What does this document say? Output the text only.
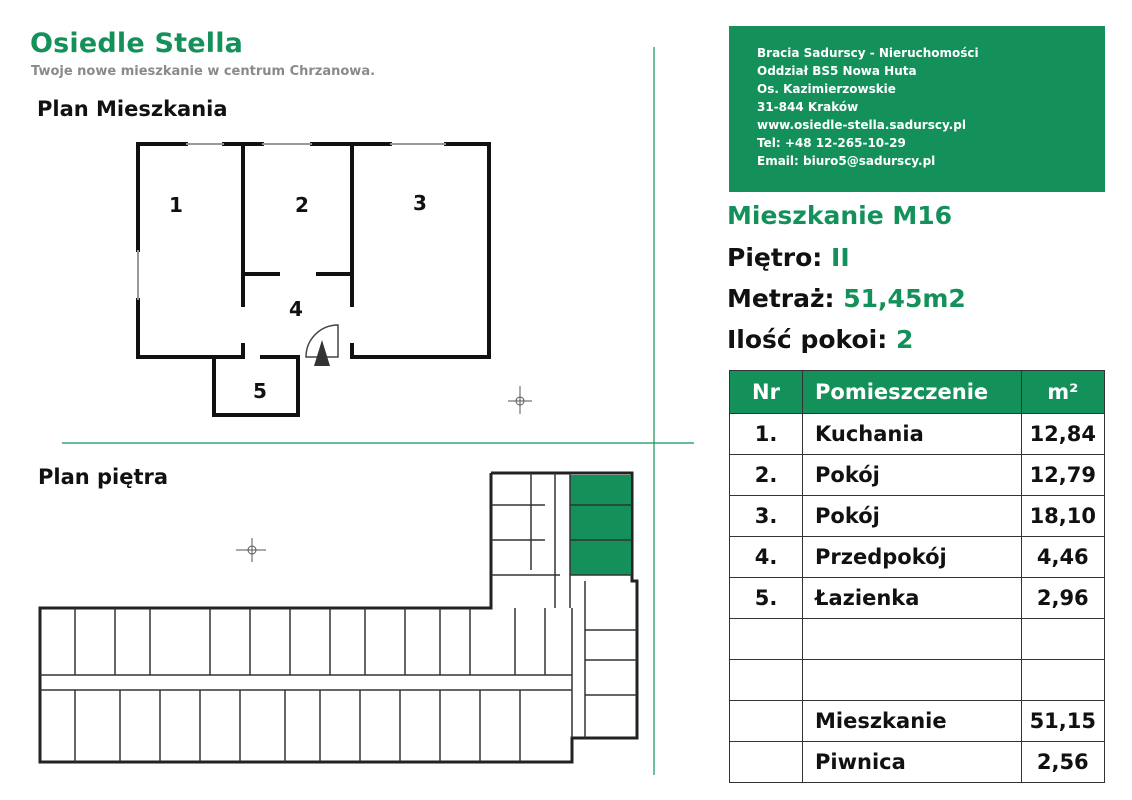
Osiedle Stella
Twoje nowe mieszkanie w centrum Chrzanowa.
Plan Mieszkania
Plan piętra
1	2	3
4
5
Bracia Sadurscy - Nieruchomości
Oddział BS5 Nowa Huta
Os. Kazimierzowskie
31-844 Kraków
www.osiedle-stella.sadurscy.pl
Tel: +48 12-265-10-29
Email: biuro5@sadurscy.pl
Mieszkanie M16
Piętro: II
Metraż: 51,45m2
Ilość pokoi: 2
Nr	Pomieszczenie	m²
1.	Kuchania	12,84
2.	Pokój	12,79
3.	Pokój	18,10
4.	Przedpokój	4,46
5.	Łazienka	2,96

	Mieszkanie	51,15
	Piwnica	2,56
